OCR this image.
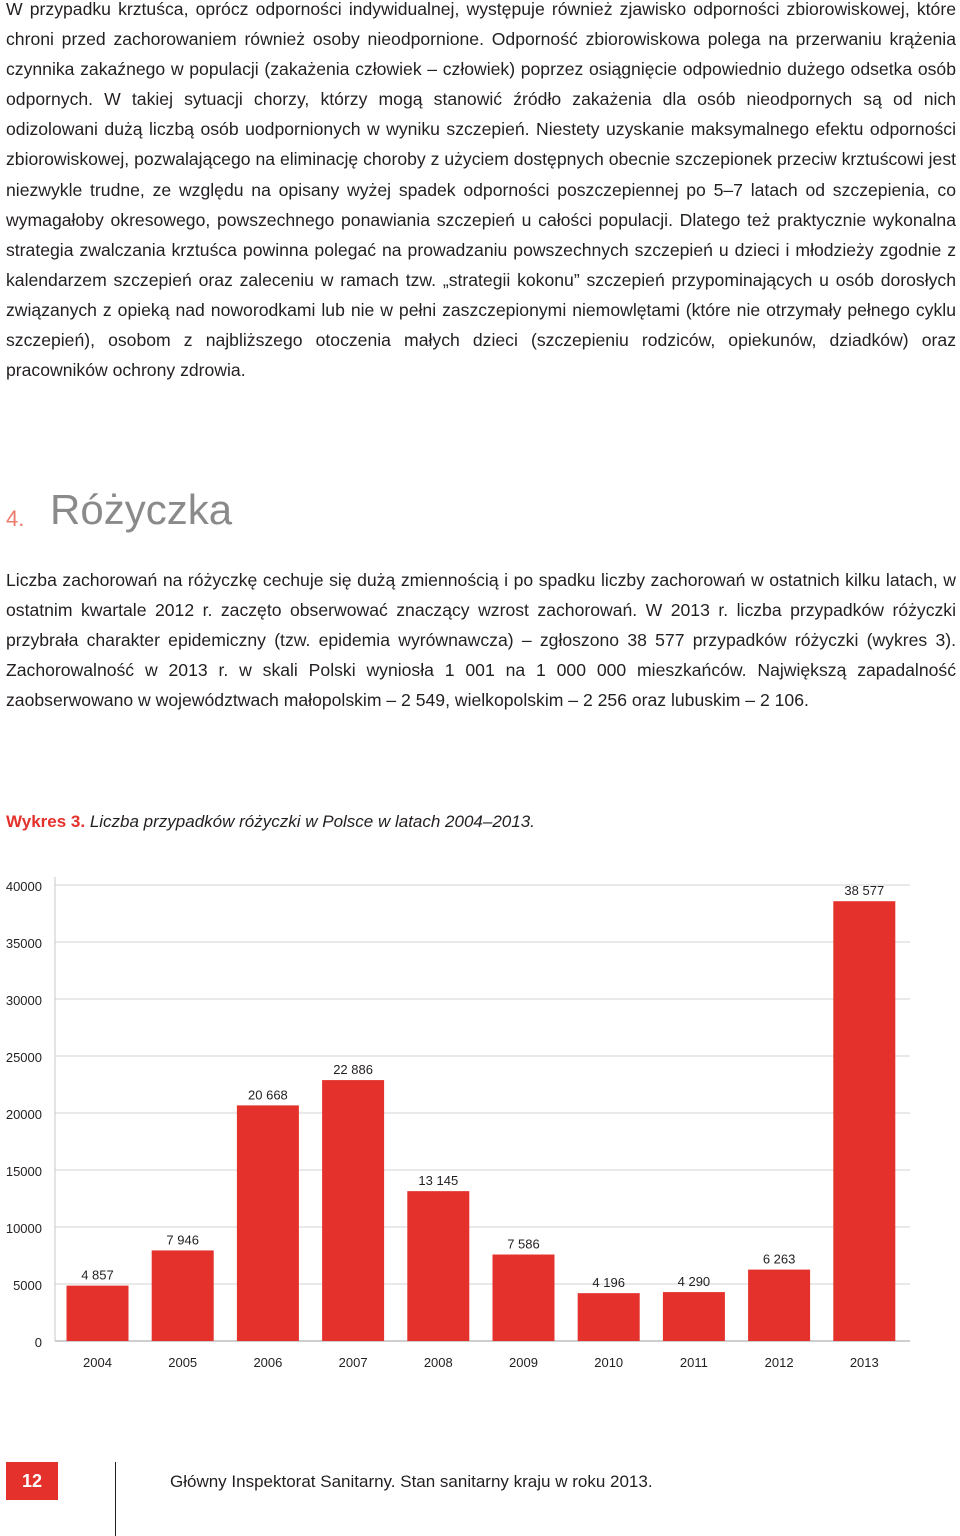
W przypadku krztuśca, oprócz odporności indywidualnej, występuje również zjawisko odporności zbiorowiskowej, które chroni przed zachorowaniem również osoby nieodpornione. Odporność zbiorowiskowa polega na przerwaniu krążenia czynnika zakaźnego w populacji (zakażenia człowiek – człowiek) poprzez osiągnięcie odpowiednio dużego odsetka osób odpornych. W takiej sytuacji chorzy, którzy mogą stanowić źródło zakażenia dla osób nieodpornych są od nich odizolowani dużą liczbą osób uodpornionych w wyniku szczepień. Niestety uzyskanie maksymalnego efektu odporności zbiorowiskowej, pozwalającego na eliminację choroby z użyciem dostępnych obecnie szczepionek przeciw krztuścowi jest niezwykle trudne, ze względu na opisany wyżej spadek odporności poszczepiennej po 5–7 latach od szczepienia, co wymagałoby okresowego, powszechnego ponawiania szczepień u całości populacji. Dlatego też praktycznie wykonalna strategia zwalczania krztuśca powinna polegać na prowadzaniu powszechnych szczepień u dzieci i młodzieży zgodnie z kalendarzem szczepień oraz zaleceniu w ramach tzw. „strategii kokonu” szczepień przypominających u osób dorosłych związanych z opieką nad noworodkami lub nie w pełni zaszczepionymi niemowlętami (które nie otrzymały pełnego cyklu szczepień), osobom z najbliższego otoczenia małych dzieci (szczepieniu rodziców, opiekunów, dziadków) oraz pracowników ochrony zdrowia.

4. Różyczka

Liczba zachorowań na różyczkę cechuje się dużą zmiennością i po spadku liczby zachorowań w ostatnich kilku latach, w ostatnim kwartale 2012 r. zaczęto obserwować znaczący wzrost zachorowań. W 2013 r. liczba przypadków różyczki przybrała charakter epidemiczny (tzw. epidemia wyrównawcza) – zgłoszono 38 577 przypadków różyczki (wykres 3). Zachorowalność w 2013 r. w skali Polski wyniosła 1 001 na 1 000 000 mieszkańców. Największą zapadalność zaobserwowano w województwach małopolskim – 2 549, wielkopolskim – 2 256 oraz lubuskim – 2 106.

Wykres 3. Liczba przypadków różyczki w Polsce w latach 2004–2013.
0
5000
10000
15000
20000
25000
30000
35000
40000
4 857
2004
7 946
2005
20 668
2006
22 886
2007
13 145
2008
7 586
2009
4 196
2010
4 290
2011
6 263
2012
38 577
2013
12	Główny Inspektorat Sanitarny. Stan sanitarny kraju w roku 2013.
